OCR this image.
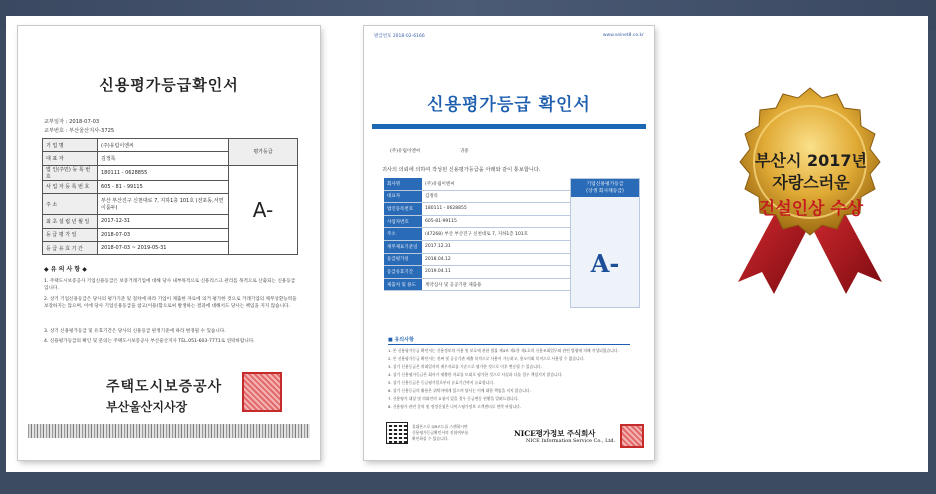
신용평가등급확인서
교부일자 : 2018-07-03
교부번호 : 부산울산지사-3725
기 업 명	(주)유림이엔씨	평가등급
대 표 자	김정록	
법 인(주민) 등 록 번 호	180111 - 0628855	A-
사 업 자 등 록 번 호	605 - 81 - 99115	
주 소	부산 부산진구 신천대로 7, 지하1층 101호 (전포동,서면이룸두)	
최 초 설 립 년 월 일	2017-12-31	
등 급 평 가 일	2018-07-03	
등 급 유 효 기 간	2018-07-03 ~ 2019-05-31	
◆ 유 의 사 항 ◆
1. 주택도시보증공사 기업신용등급은 보증거래기업에 대해 당사 내부목적으로 신용리스크 관리를 목적으로 산출되는 신용등급입니다.
2. 상기 기업신용등급은 당사의 평가기준 및 절차에 따라 기업이 제출한 자료에 의거 평가한 것으로 거래기업의 채무상환능력을 보장하지는 않으며, 이에 당사 기업신용등급을 참고(이용)함으로써 발생하는 결과에 대해서도 당사는 책임을 지지 않습니다.
3. 상기 신용평가등급 및 유효기간은 당사의 신용등급 판정기준에 따라 변경될 수 있습니다.
4. 신용평가등급의 확인 및 문의는 주택도시보증공사 부산울산지사 TEL.051-603-7771로 연락바랍니다.
주택도시보증공사
부산울산지사장
발급번호 2018-02-6166	www.seinet8.co.kr
신용평가등급 확인서
(주)유림이엔씨	귀중
귀사의 의뢰에 의하여 작성된 신용평가등급을 아래와 같이 통보합니다.
회사명	(주)유림이엔씨
대표자	김정록
법인등록번호	180111 - 0628855
사업자번호	605-81-99115
주소	(47268) 부산 부산진구 신천대로 7, 지하1층 101호
재무제표기준일	2017.12.31
등급평가일	2018.04.12
등급유효기간	2019.04.11
제출처 및 용도	계약심사 및 공공기관 제출용
기업신용평가등급
(상생 회사채등급)
A-
■ 유의사항
1. 본 신용평가등급 확인서는 신용정보의 이용 및 보호에 관한 법률 제4조 제1항 제1호의 신용조회업무와 관련 법령에 의해 작성되었습니다.
2. 본 신용평가등급 확인서는 진짜 및 공공기관 제출 목적으로 사용이 가능하고, 용도이외 목적으로 사용할 수 없습니다.
3. 상기 신용등급은 의뢰일자의 재무자료를 기준으로 평가한 것으로 이후 변동될 수 있습니다.
4. 상기 신용평가등급은 회사가 제출한 자료를 토대로 평가한 것으로 사실과 다를 경우 책임지지 않습니다.
5. 상기 신용등급은 등급평가일로부터 유효기간까지 유효합니다.
6. 상기 신용등급의 활용은 위탁자에게 있으며 당사는 이에 대한 책임을 지지 않습니다.
7. 신용평가 대상 및 의뢰인의 요청이 있을 경우 등급변동 현황을 알려드립니다.
8. 신용평가 관련 문의 및 정정신청은 나이스평가정보 고객센터로 연락 바랍니다.
휴대폰으로 QR코드를 스캔하시면
신용평가등급확인서의 진위여부를
확인하실 수 있습니다.
NICE평가정보 주식회사
NICE Information Service Co., Ltd.
부산시 2017년
자랑스러운
건설인상 수상
